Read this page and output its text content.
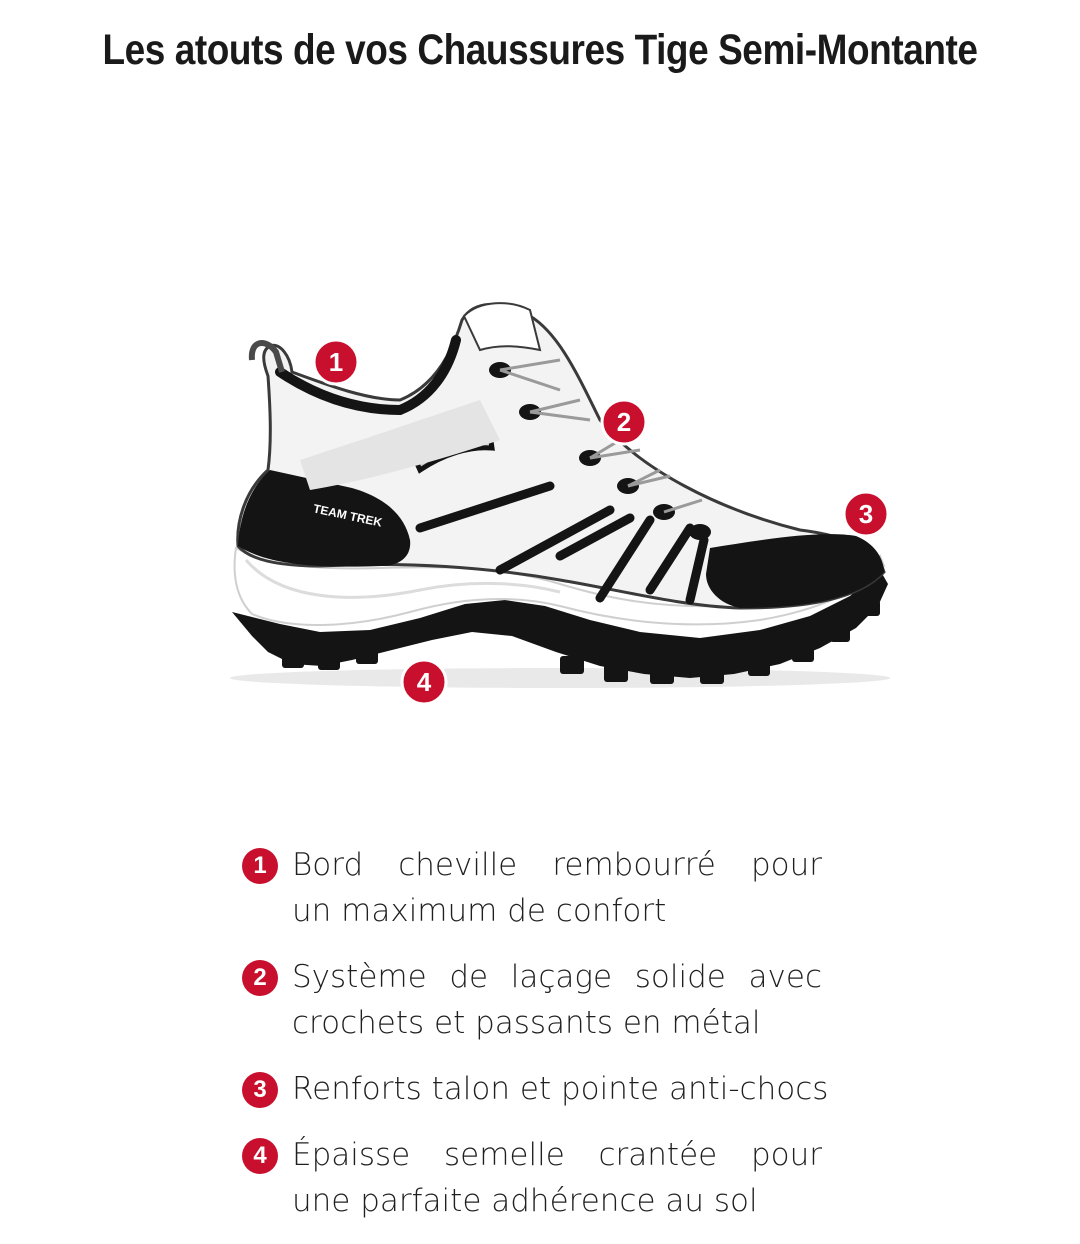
Les atouts de vos Chaussures Tige Semi-Montante
TEAM TREK
1
2
3
4
1 Bord cheville rembourré pour
un maximum de confort
2 Système de laçage solide avec
crochets et passants en métal
3 Renforts talon et pointe anti-chocs
4 Épaisse semelle crantée pour
une parfaite adhérence au sol
